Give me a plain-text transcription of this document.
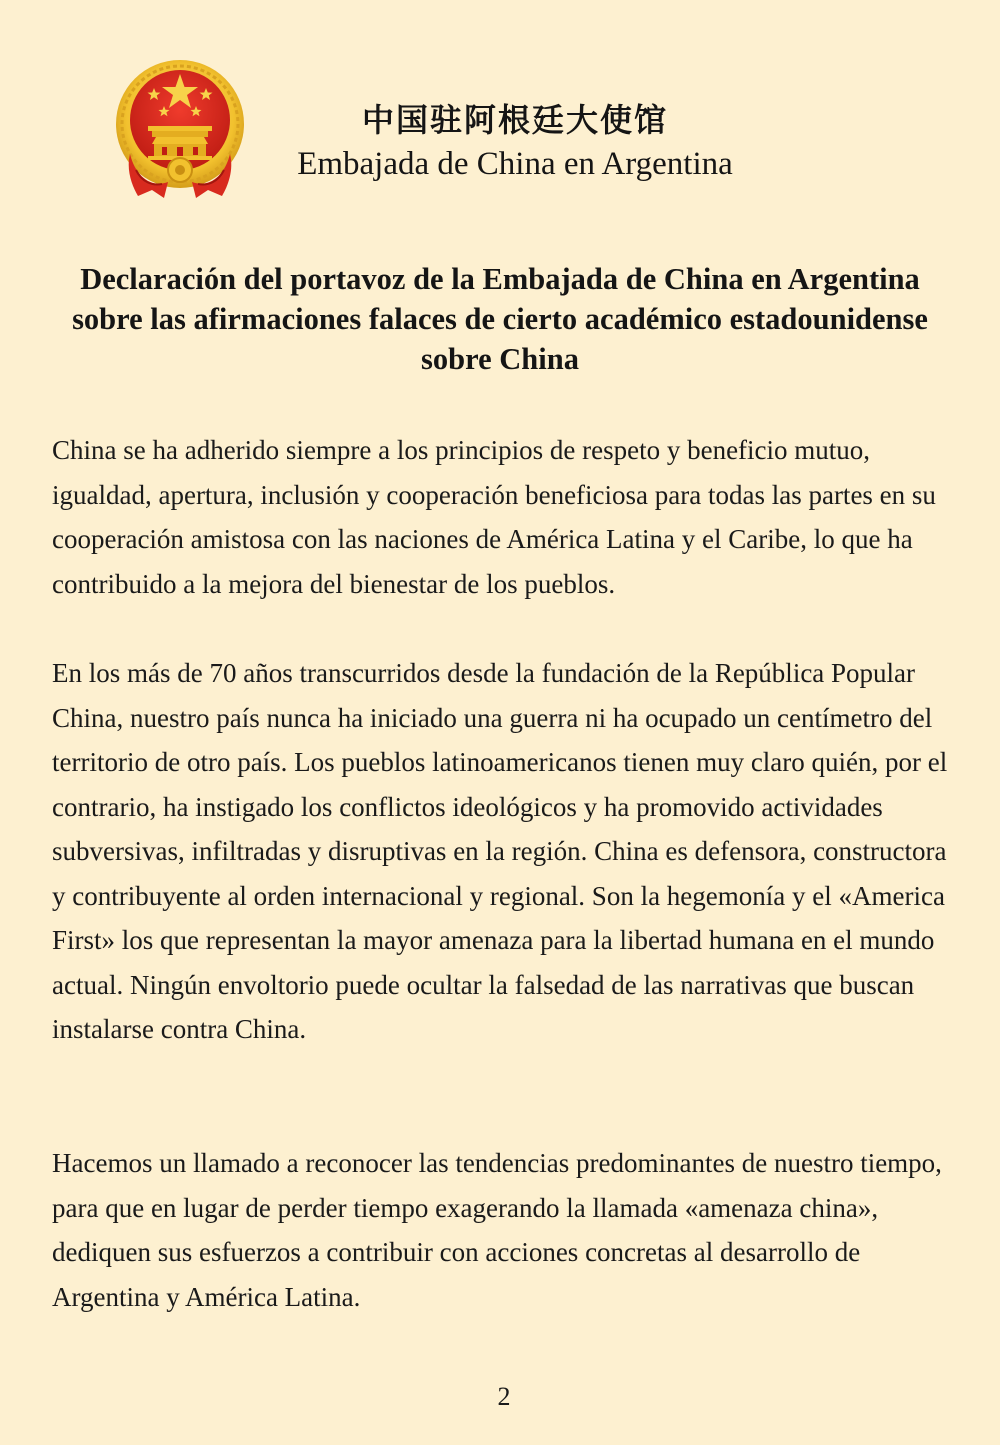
中国驻阿根廷大使馆
Embajada de China en Argentina
Declaración del portavoz de la Embajada de China en Argentina sobre las afirmaciones falaces de cierto académico estadounidense sobre China

China se ha adherido siempre a los principios de respeto y beneficio mutuo, igualdad, apertura, inclusión y cooperación beneficiosa para todas las partes en su cooperación amistosa con las naciones de América Latina y el Caribe, lo que ha contribuido a la mejora del bienestar de los pueblos.

En los más de 70 años transcurridos desde la fundación de la República Popular China, nuestro país nunca ha iniciado una guerra ni ha ocupado un centímetro del territorio de otro país. Los pueblos latinoamericanos tienen muy claro quién, por el contrario, ha instigado los conflictos ideológicos y ha promovido actividades subversivas, infiltradas y disruptivas en la región. China es defensora, constructora y contribuyente al orden internacional y regional. Son la hegemonía y el «America First» los que representan la mayor amenaza para la libertad humana en el mundo actual. Ningún envoltorio puede ocultar la falsedad de las narrativas que buscan instalarse contra China.

Hacemos un llamado a reconocer las tendencias predominantes de nuestro tiempo, para que en lugar de perder tiempo exagerando la llamada «amenaza china», dediquen sus esfuerzos a contribuir con acciones concretas al desarrollo de Argentina y América Latina.

2
